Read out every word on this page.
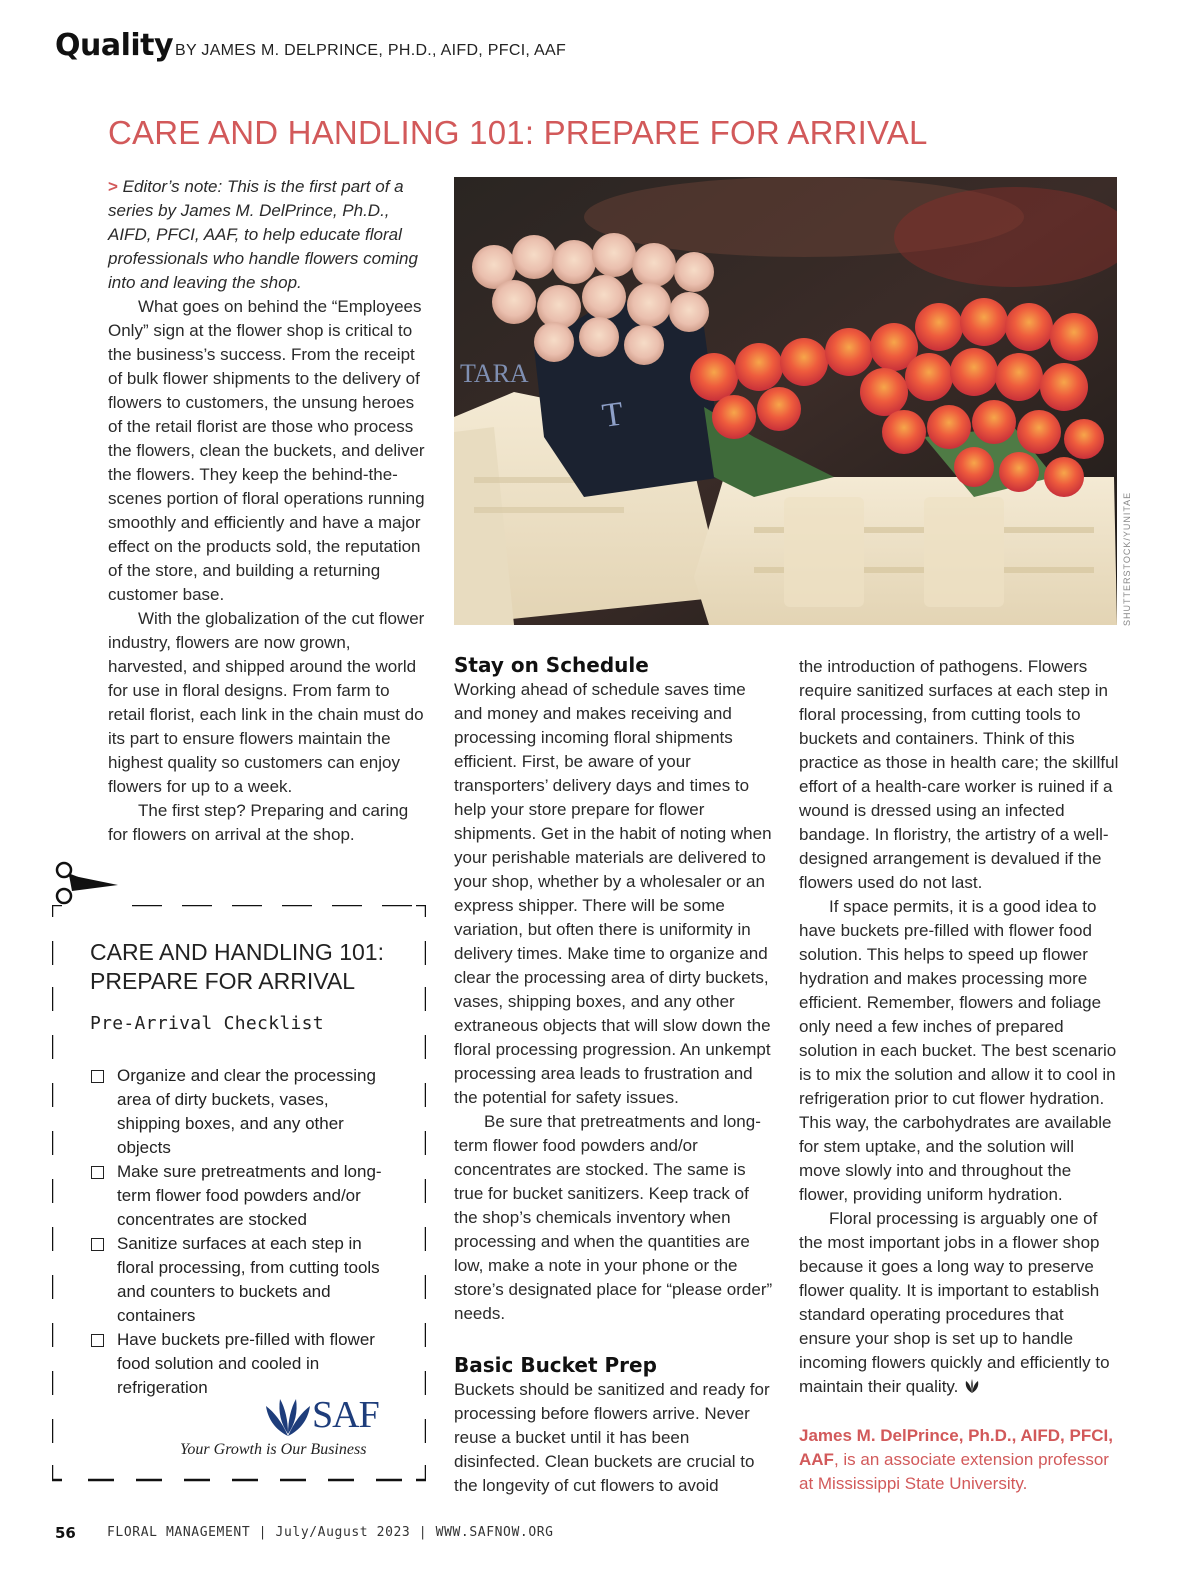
Quality BY JAMES M. DELPRINCE, PH.D., AIFD, PFCI, AAF
CARE AND HANDLING 101: PREPARE FOR ARRIVAL

> Editor’s note: This is the first part of a series by James M. DelPrince, Ph.D., AIFD, PFCI, AAF, to help educate floral professionals who handle flowers coming into and leaving the shop.

What goes on behind the “Employees Only” sign at the flower shop is critical to the business’s success. From the receipt of bulk flower shipments to the delivery of flowers to customers, the unsung heroes of the retail florist are those who process the flowers, clean the buckets, and deliver the flowers. They keep the behind-the-scenes portion of floral operations running smoothly and efficiently and have a major effect on the products sold, the reputation of the store, and building a returning customer base.

With the globalization of the cut flower industry, flowers are now grown, harvested, and shipped around the world for use in floral designs. From farm to retail florist, each link in the chain must do its part to ensure flowers maintain the highest quality so customers can enjoy flowers for up to a week.

The first step? Preparing and caring for flowers on arrival at the shop.

T
TARA
SHUTTERSTOCK/YUNITAE

Stay on Schedule

Working ahead of schedule saves time and money and makes receiving and processing incoming floral shipments efficient. First, be aware of your transporters’ delivery days and times to help your store prepare for flower shipments. Get in the habit of noting when your perishable materials are delivered to your shop, whether by a wholesaler or an express shipper. There will be some variation, but often there is uniformity in delivery times. Make time to organize and clear the processing area of dirty buckets, vases, shipping boxes, and any other extraneous objects that will slow down the floral processing progression. An unkempt processing area leads to frustration and the potential for safety issues.

Be sure that pretreatments and long-term flower food powders and/or concentrates are stocked. The same is true for bucket sanitizers. Keep track of the shop’s chemicals inventory when processing and when the quantities are low, make a note in your phone or the store’s designated place for “please order” needs.

Basic Bucket Prep

Buckets should be sanitized and ready for processing before flowers arrive. Never reuse a bucket until it has been disinfected. Clean buckets are crucial to the longevity of cut flowers to avoid

the introduction of pathogens. Flowers require sanitized surfaces at each step in floral processing, from cutting tools to buckets and containers. Think of this practice as those in health care; the skillful effort of a health-care worker is ruined if a wound is dressed using an infected bandage. In floristry, the artistry of a well-designed arrangement is devalued if the flowers used do not last.

If space permits, it is a good idea to have buckets pre-filled with flower food solution. This helps to speed up flower hydration and makes processing more efficient. Remember, flowers and foliage only need a few inches of prepared solution in each bucket. The best scenario is to mix the solution and allow it to cool in refrigeration prior to cut flower hydration. This way, the carbohydrates are available for stem uptake, and the solution will move slowly into and throughout the flower, providing uniform hydration.

Floral processing is arguably one of the most important jobs in a flower shop because it goes a long way to preserve flower quality. It is important to establish standard operating procedures that ensure your shop is set up to handle incoming flowers quickly and efficiently to maintain their quality.

James M. DelPrince, Ph.D., AIFD, PFCI, AAF, is an associate extension professor at Mississippi State University.
CARE AND HANDLING 101:
PREPARE FOR ARRIVAL
Pre-Arrival Checklist
Organize and clear the processing area of dirty buckets, vases, shipping boxes, and any other objects
Make sure pretreatments and long-term flower food powders and/or concentrates are stocked
Sanitize surfaces at each step in floral processing, from cutting tools and counters to buckets and containers
Have buckets pre-filled with flower food solution and cooled in refrigeration
SAF
Your Growth is Our Business
56 FLORAL MANAGEMENT | July/August 2023 | WWW.SAFNOW.ORG
